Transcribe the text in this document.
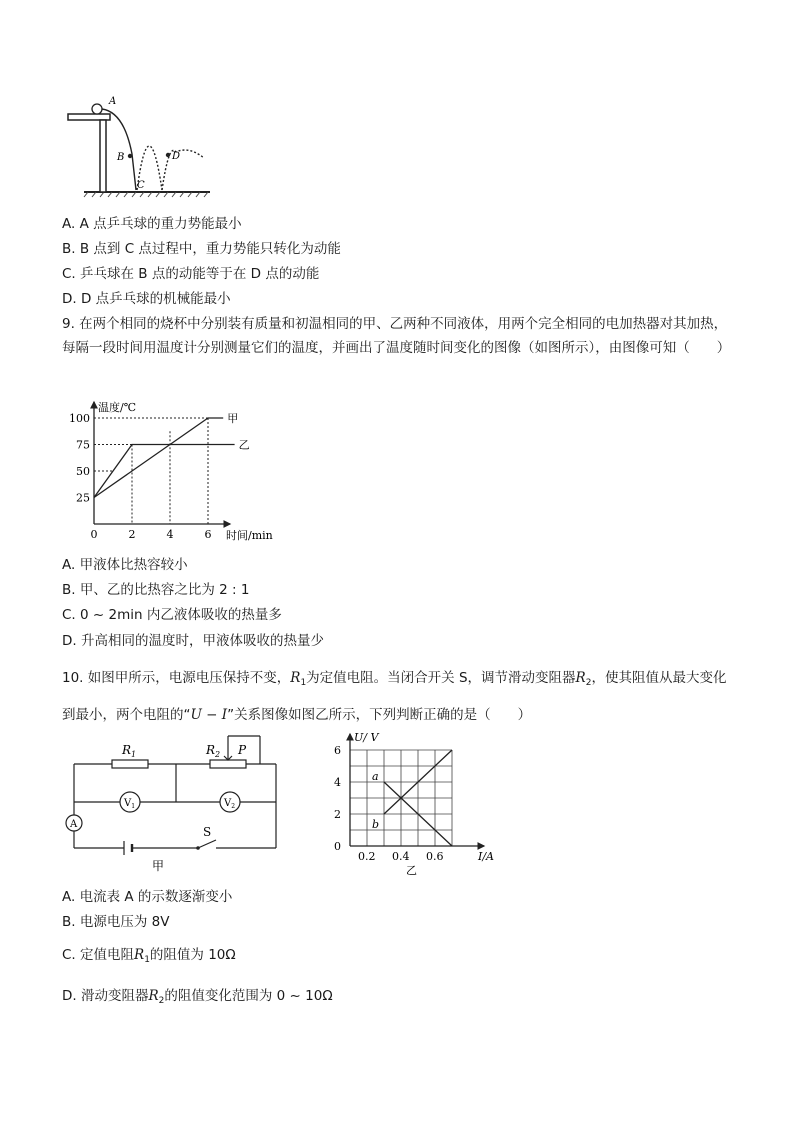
A
B
C
D
A. A 点乒乓球的重力势能最小
B. B 点到 C 点过程中，重力势能只转化为动能
C. 乒乓球在 B 点的动能等于在 D 点的动能
D. D 点乒乓球的机械能最小
9. 在两个相同的烧杯中分别装有质量和初温相同的甲、乙两种不同液体，用两个完全相同的电加热器对其加热，每隔一段时间用温度计分别测量它们的温度，并画出了温度随时间变化的图像（如图所示），由图像可知（　　）
甲
乙
25
50
75
100
0	2	4	6
温度/℃
时间/min
A. 甲液体比热容较小
B. 甲、乙的比热容之比为 2 : 1
C. 0 ~ 2min 内乙液体吸收的热量多
D. 升高相同的温度时，甲液体吸收的热量少
10. 如图甲所示，电源电压保持不变，$R_1$为定值电阻。当闭合开关 S，调节滑动变阻器$R_2$，使其阻值从最大变化到最小，两个电阻的“U − I”关系图像如图乙所示，下列判断正确的是（　　）
$R_1$	$R_2$ P
$V_1$	$V_2$
A
S
甲
a
b
6
4
2
0
0.2 0.4 0.6
U/ V
I/A
乙
A. 电流表 A 的示数逐渐变小
B. 电源电压为 8V
C. 定值电阻$R_1$的阻值为 10Ω
D. 滑动变阻器$R_2$的阻值变化范围为 0 ~ 10Ω
